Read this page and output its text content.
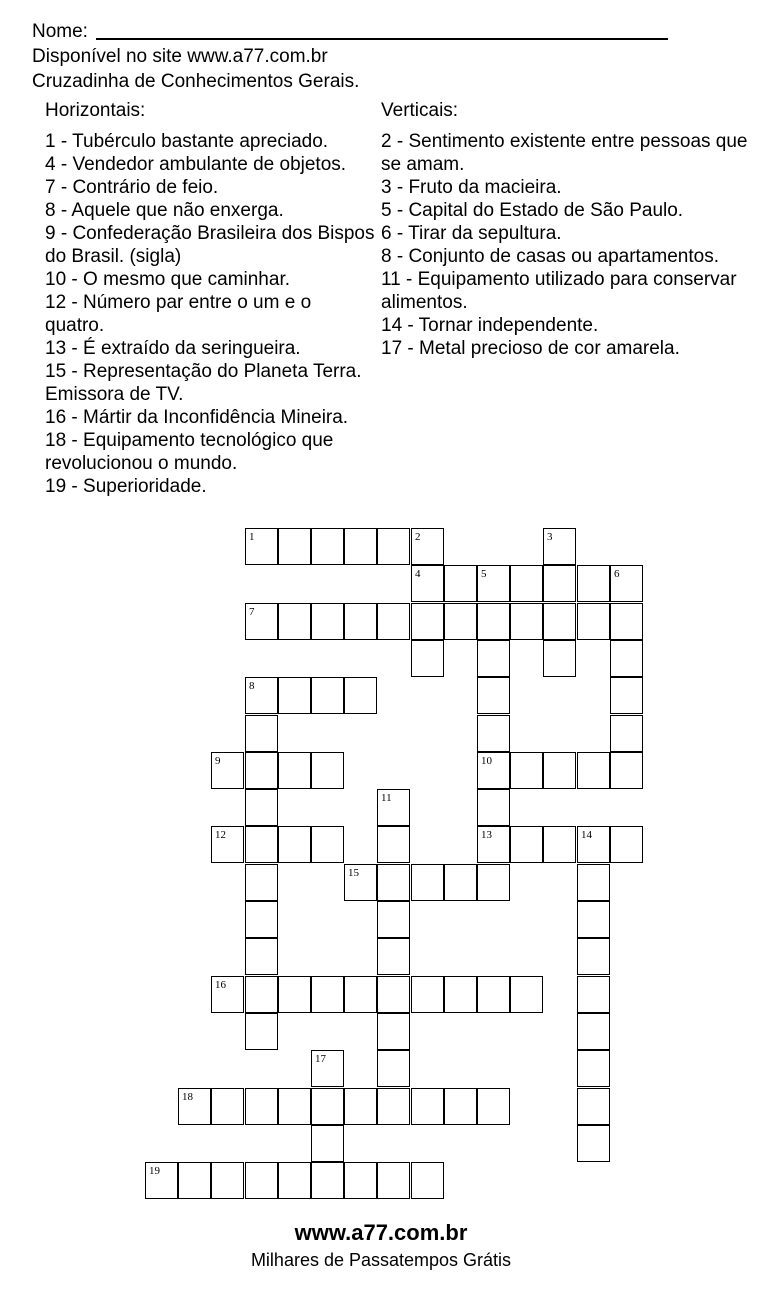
Nome:
Disponível no site www.a77.com.br
Cruzadinha de Conhecimentos Gerais.
Horizontais:
1 - Tubérculo bastante apreciado.
4 - Vendedor ambulante de objetos.
7 - Contrário de feio.
8 - Aquele que não enxerga.
9 - Confederação Brasileira dos Bispos do Brasil. (sigla)
10 - O mesmo que caminhar.
12 - Número par entre o um e o quatro.
13 - É extraído da seringueira.
15 - Representação do Planeta Terra. Emissora de TV.
16 - Mártir da Inconfidência Mineira.
18 - Equipamento tecnológico que revolucionou o mundo.
19 - Superioridade.
Verticais:
2 - Sentimento existente entre pessoas que se amam.
3 - Fruto da macieira.
5 - Capital do Estado de São Paulo.
6 - Tirar da sepultura.
8 - Conjunto de casas ou apartamentos.
11 - Equipamento utilizado para conservar alimentos.
14 - Tornar independente.
17 - Metal precioso de cor amarela.
1	2
4
3
5	6
10
13
7
8
9
11
12	14
15
16
17
18
19
www.a77.com.br
Milhares de Passatempos Grátis
